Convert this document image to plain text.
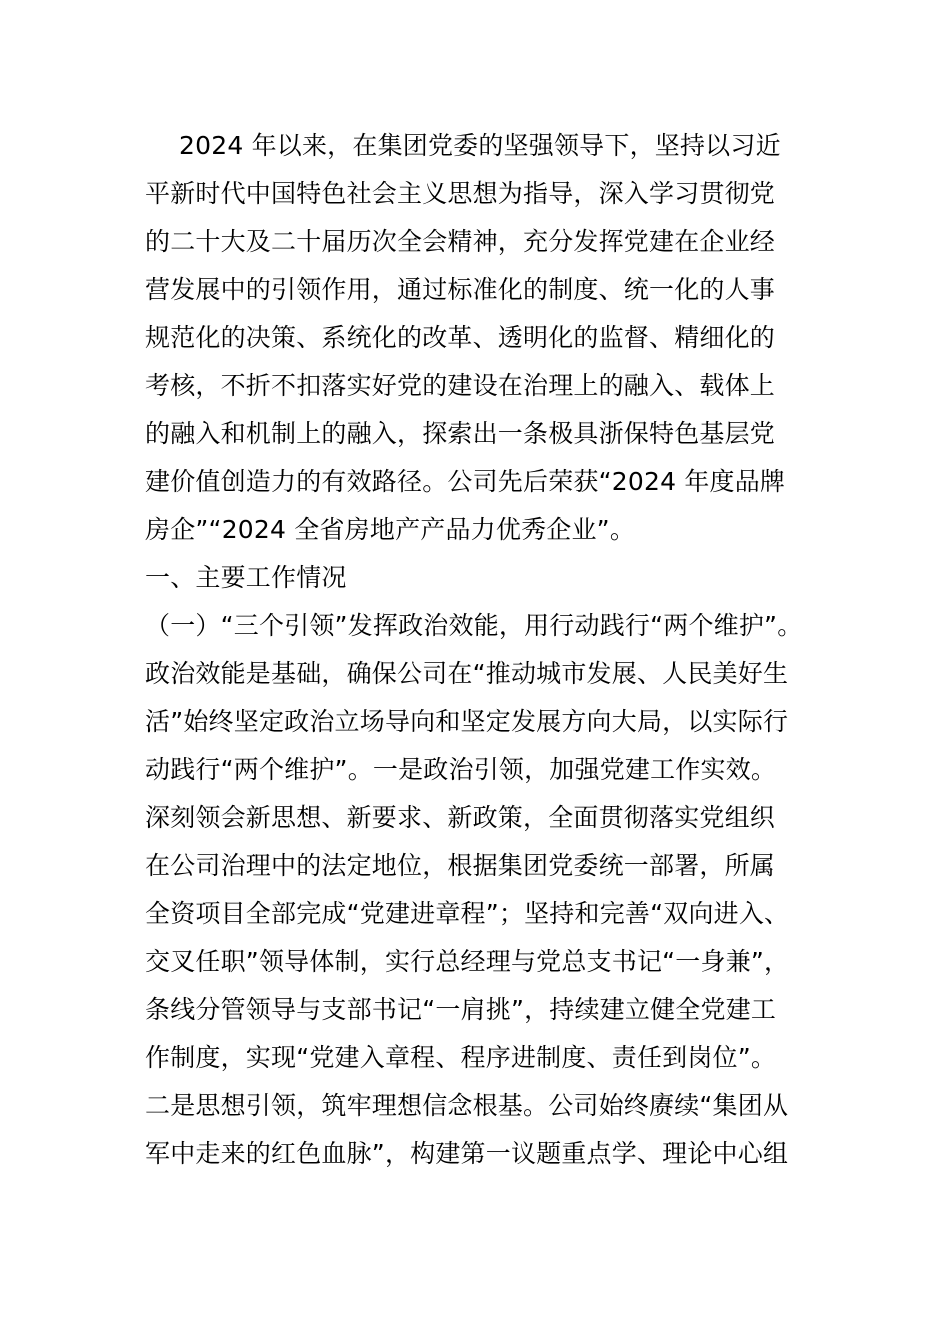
2024 年以来，在集团党委的坚强领导下，坚持以习近
平新时代中国特色社会主义思想为指导，深入学习贯彻党
的二十大及二十届历次全会精神，充分发挥党建在企业经
营发展中的引领作用，通过标准化的制度、统一化的人事
规范化的决策、系统化的改革、透明化的监督、精细化的
考核，不折不扣落实好党的建设在治理上的融入、载体上
的融入和机制上的融入，探索出一条极具浙保特色基层党
建价值创造力的有效路径。公司先后荣获“2024 年度品牌
房企”“2024 全省房地产产品力优秀企业”。
一、主要工作情况
（一）“三个引领”发挥政治效能，用行动践行“两个维护”。
政治效能是基础，确保公司在“推动城市发展、人民美好生
活”始终坚定政治立场导向和坚定发展方向大局，以实际行
动践行“两个维护”。一是政治引领，加强党建工作实效。
深刻领会新思想、新要求、新政策，全面贯彻落实党组织
在公司治理中的法定地位，根据集团党委统一部署，所属
全资项目全部完成“党建进章程”；坚持和完善“双向进入、
交叉任职”领导体制，实行总经理与党总支书记“一身兼”，
条线分管领导与支部书记“一肩挑”，持续建立健全党建工
作制度，实现“党建入章程、程序进制度、责任到岗位”。
二是思想引领，筑牢理想信念根基。公司始终赓续“集团从
军中走来的红色血脉”，构建第一议题重点学、理论中心组
